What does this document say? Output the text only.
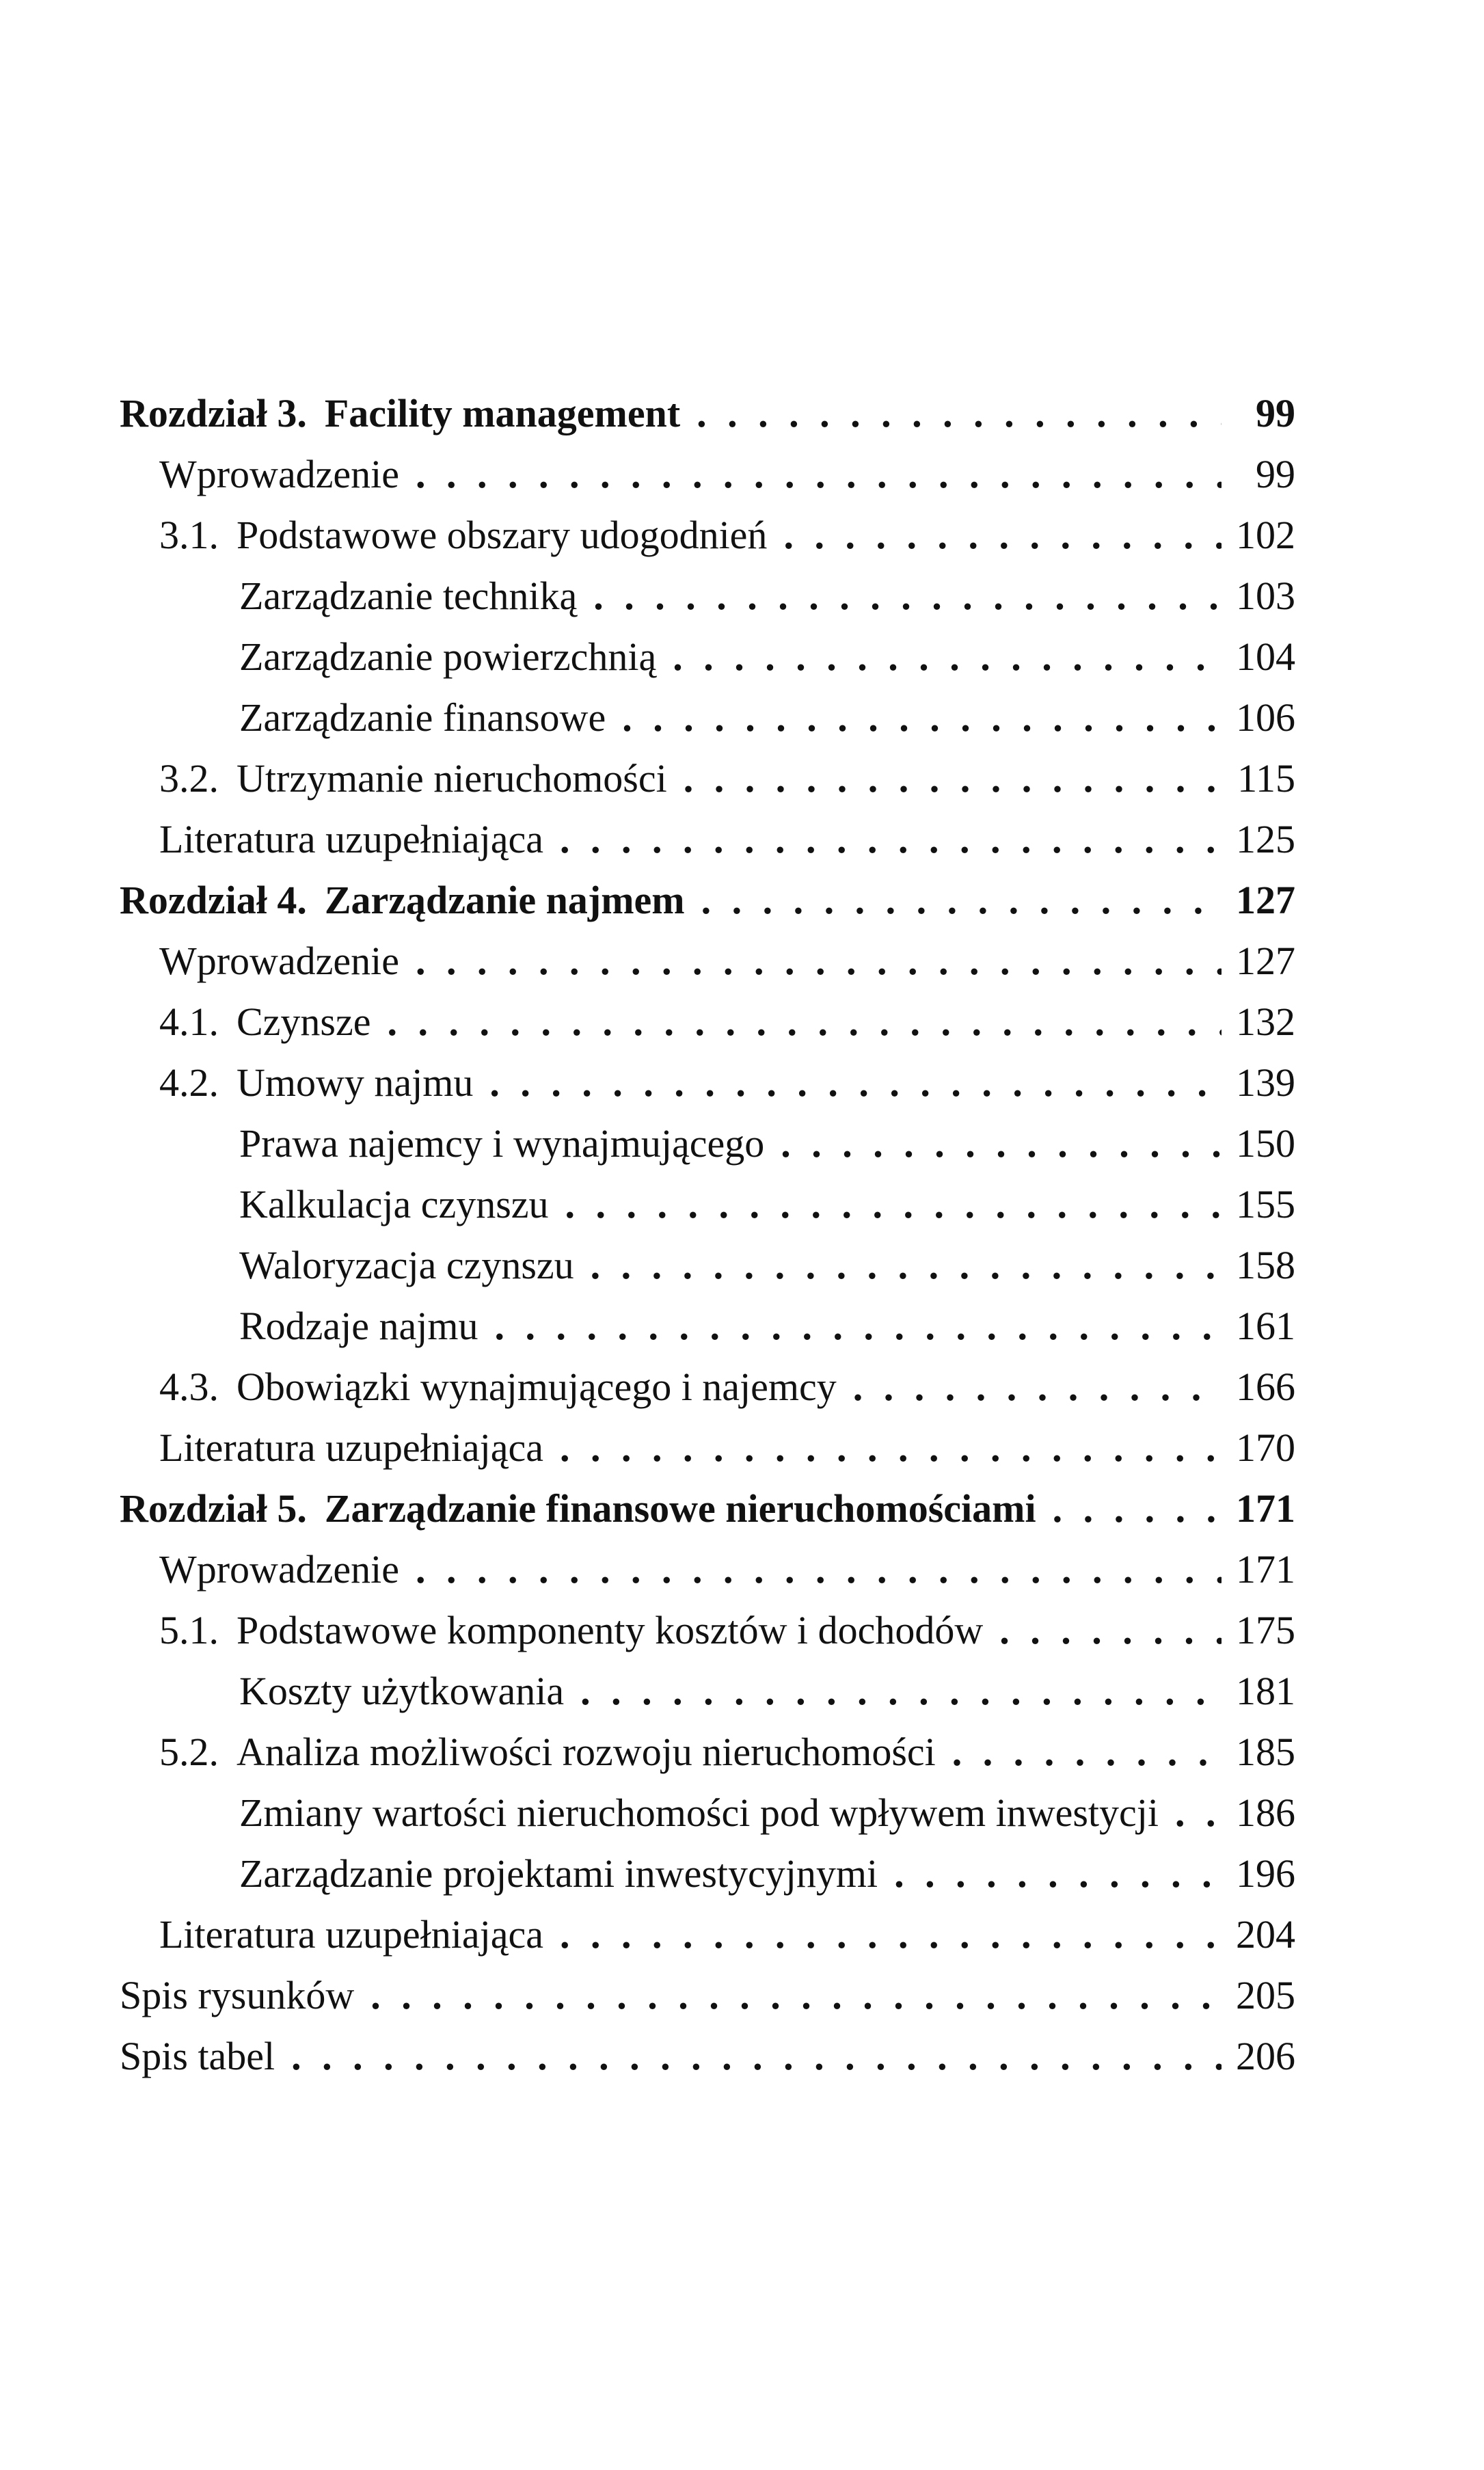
Rozdział 3. Facility management . . .	99
Wprowadzenie . . .	99
3.1. Podstawowe obszary udogodnień . . .	102
Zarządzanie techniką . . .	103
Zarządzanie powierzchnią . . .	104
Zarządzanie finansowe . . .	106
3.2. Utrzymanie nieruchomości . . .	115
Literatura uzupełniająca . . .	125
Rozdział 4. Zarządzanie najmem . . .	127
Wprowadzenie . . .	127
4.1. Czynsze . . .	132
4.2. Umowy najmu . . .	139
Prawa najemcy i wynajmującego . . .	150
Kalkulacja czynszu . . .	155
Waloryzacja czynszu . . .	158
Rodzaje najmu . . .	161
4.3. Obowiązki wynajmującego i najemcy . . .	166
Literatura uzupełniająca . . .	170
Rozdział 5. Zarządzanie finansowe nieruchomościami . . .	171
Wprowadzenie . . .	171
5.1. Podstawowe komponenty kosztów i dochodów . . .	175
Koszty użytkowania . . .	181
5.2. Analiza możliwości rozwoju nieruchomości . . .	185
Zmiany wartości nieruchomości pod wpływem inwestycji . . . 186
Zarządzanie projektami inwestycyjnymi . . .	196
Literatura uzupełniająca . . .	204
Spis rysunków . . .	205
Spis tabel . . .	206
